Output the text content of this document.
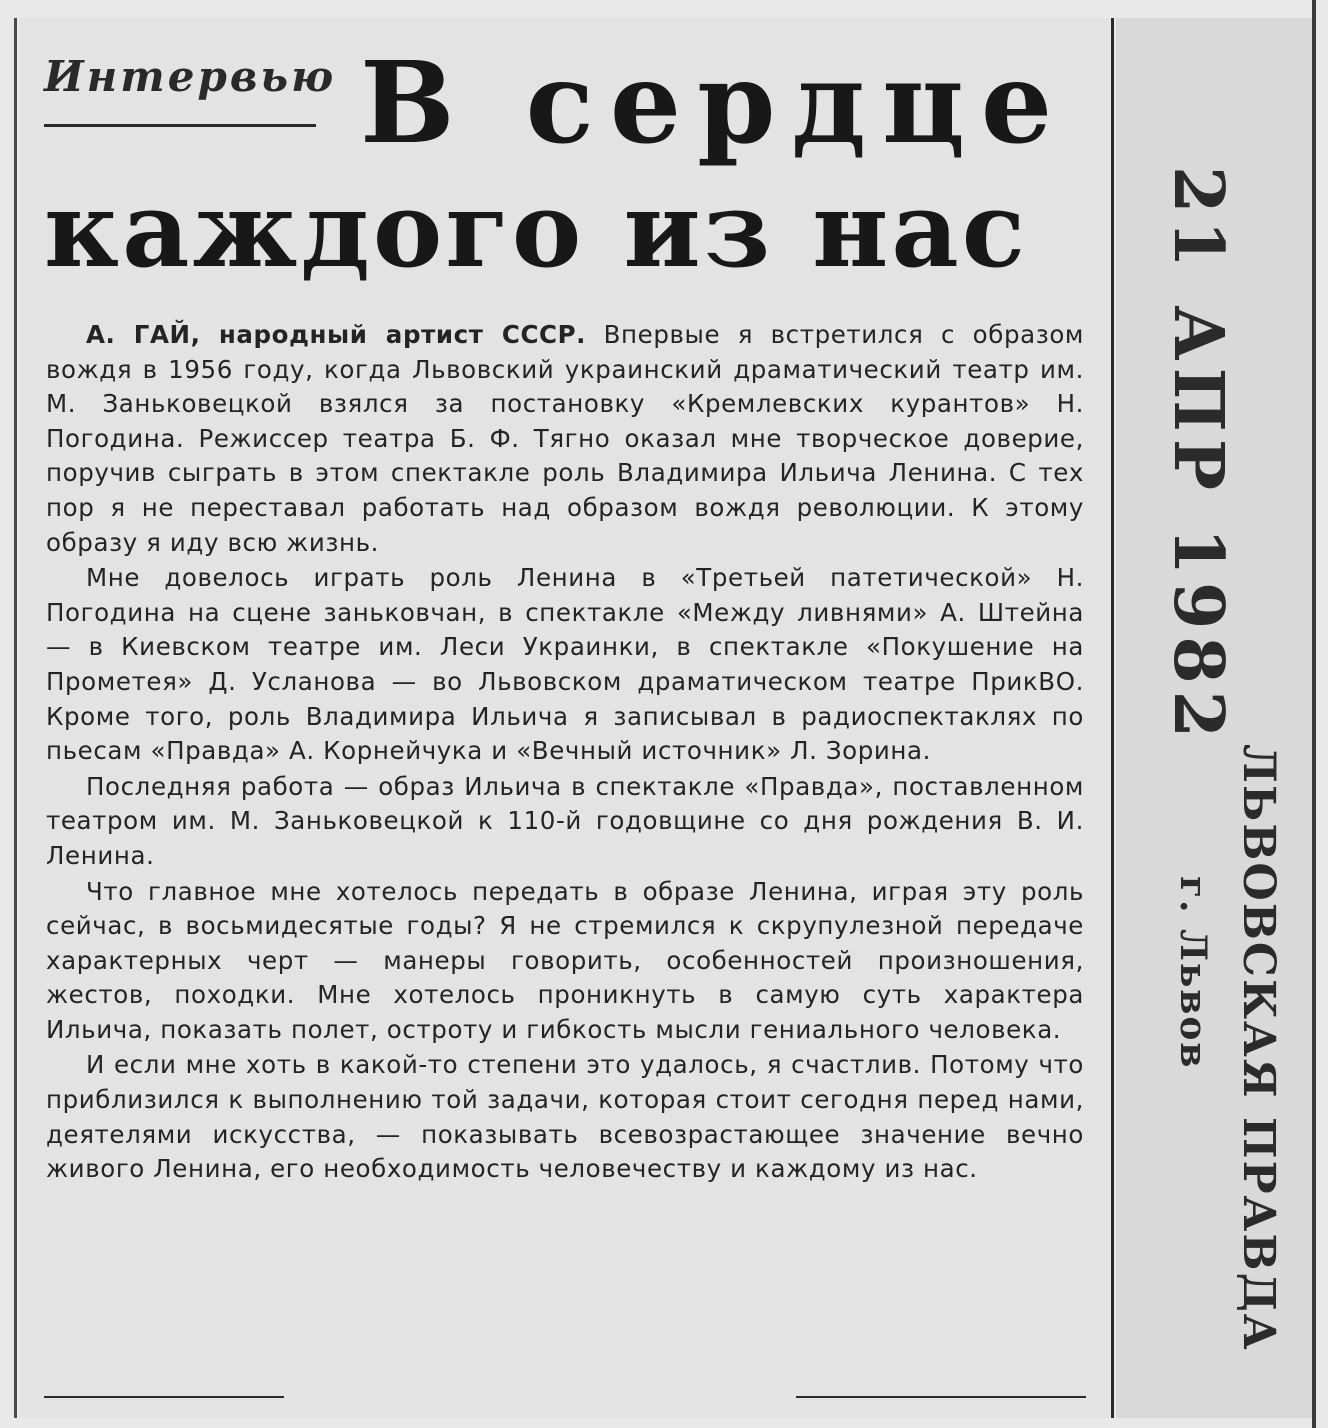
Интервью В сердце
каждого из нас

А. ГАЙ, народный артист СССР. Впервые я встретился с образом вождя в 1956 году, когда Львовский украинский драматический театр им. М. Заньковецкой взялся за постановку «Кремлевских курантов» Н. Погодина. Режиссер театра Б. Ф. Тягно оказал мне творческое доверие, поручив сыграть в этом спектакле роль Владимира Ильича Ленина. С тех пор я не переставал работать над образом вождя революции. К этому образу я иду всю жизнь.

Мне довелось играть роль Ленина в «Третьей патетической» Н. Погодина на сцене заньковчан, в спектакле «Между ливнями» А. Штейна — в Киевском театре им. Леси Украинки, в спектакле «Покушение на Прометея» Д. Усланова — во Львовском драматическом театре ПрикВО. Кроме того, роль Владимира Ильича я записывал в радиоспектаклях по пьесам «Правда» А. Корнейчука и «Вечный источник» Л. Зорина.

Последняя работа — образ Ильича в спектакле «Правда», поставленном театром им. М. Заньковецкой к 110-й годовщине со дня рождения В. И. Ленина.

Что главное мне хотелось передать в образе Ленина, играя эту роль сейчас, в восьмидесятые годы? Я не стремился к скрупулезной передаче характерных черт — манеры говорить, особенностей произношения, жестов, походки. Мне хотелось проникнуть в самую суть характера Ильича, показать полет, остроту и гибкость мысли гениального человека.

И если мне хоть в какой-то степени это удалось, я счастлив. Потому что приблизился к выполнению той задачи, которая стоит сегодня перед нами, деятелями искусства, — показывать всевозрастающее значение вечно живого Ленина, его необходимость человечеству и каждому из нас.

21 АПР 1982
ЛЬВОВСКАЯ ПРАВДА
г. Львов
